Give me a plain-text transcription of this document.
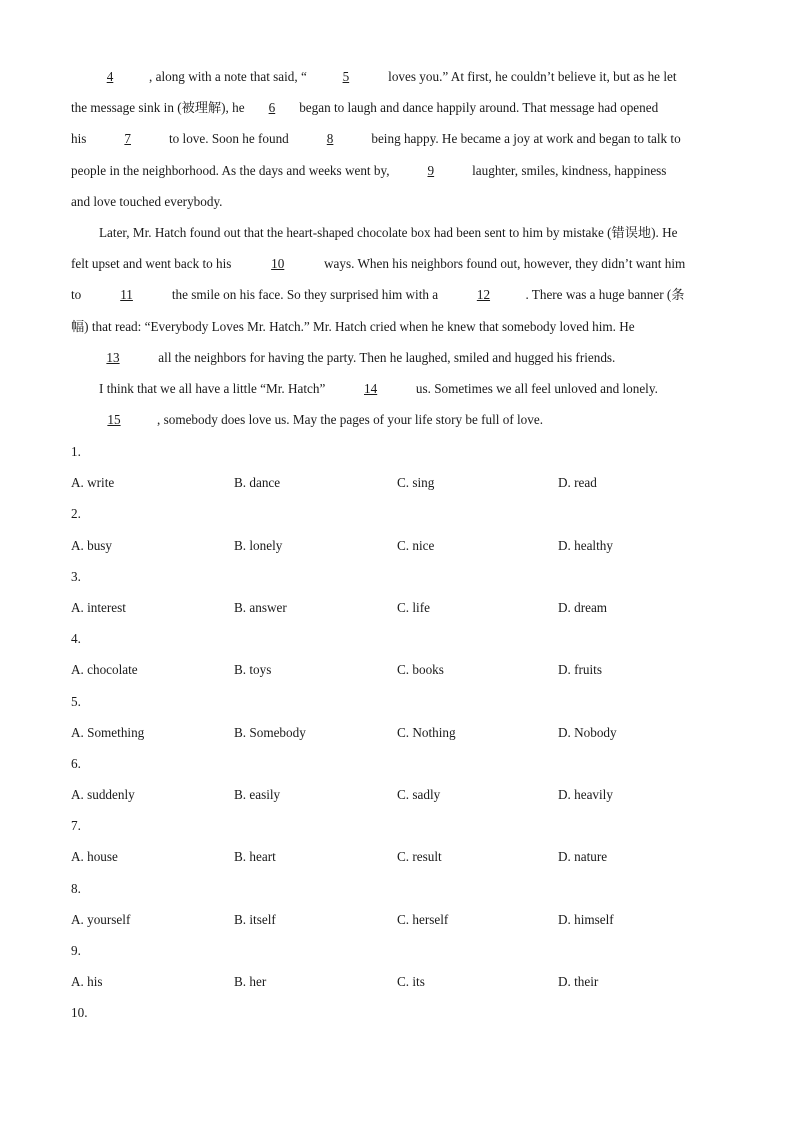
4	, along with a note that said, “	5	loves you.” At first, he couldn’t believe it, but as he let
the message sink in (被理解), he 6 began to laugh and dance happily around. That message had opened
his	7	to love. Soon he found	8	being happy. He became a joy at work and began to talk to
people in the neighborhood. As the days and weeks went by,	9	laughter, smiles, kindness, happiness
and love touched everybody.
Later, Mr. Hatch found out that the heart-shaped chocolate box had been sent to him by mistake (错误地). He
felt upset and went back to his	10	ways. When his neighbors found out, however, they didn’t want him
to	11	the smile on his face. So they surprised him with a	12	. There was a huge banner (条
幅) that read: “Everybody Loves Mr. Hatch.” Mr. Hatch cried when he knew that somebody loved him. He
13	all the neighbors for having the party. Then he laughed, smiled and hugged his friends.
I think that we all have a little “Mr. Hatch”	14	us. Sometimes we all feel unloved and lonely.
15	, somebody does love us. May the pages of your life story be full of love.
1.
A. write	B. dance	C. sing	D. read
2.
A. busy	B. lonely	C. nice	D. healthy
3.
A. interest	B. answer	C. life	D. dream
4.
A. chocolate	B. toys	C. books	D. fruits
5.
A. Something	B. Somebody	C. Nothing	D. Nobody
6.
A. suddenly	B. easily	C. sadly	D. heavily
7.
A. house	B. heart	C. result	D. nature
8.
A. yourself	B. itself	C. herself	D. himself
9.
A. his	B. her	C. its	D. their
10.
